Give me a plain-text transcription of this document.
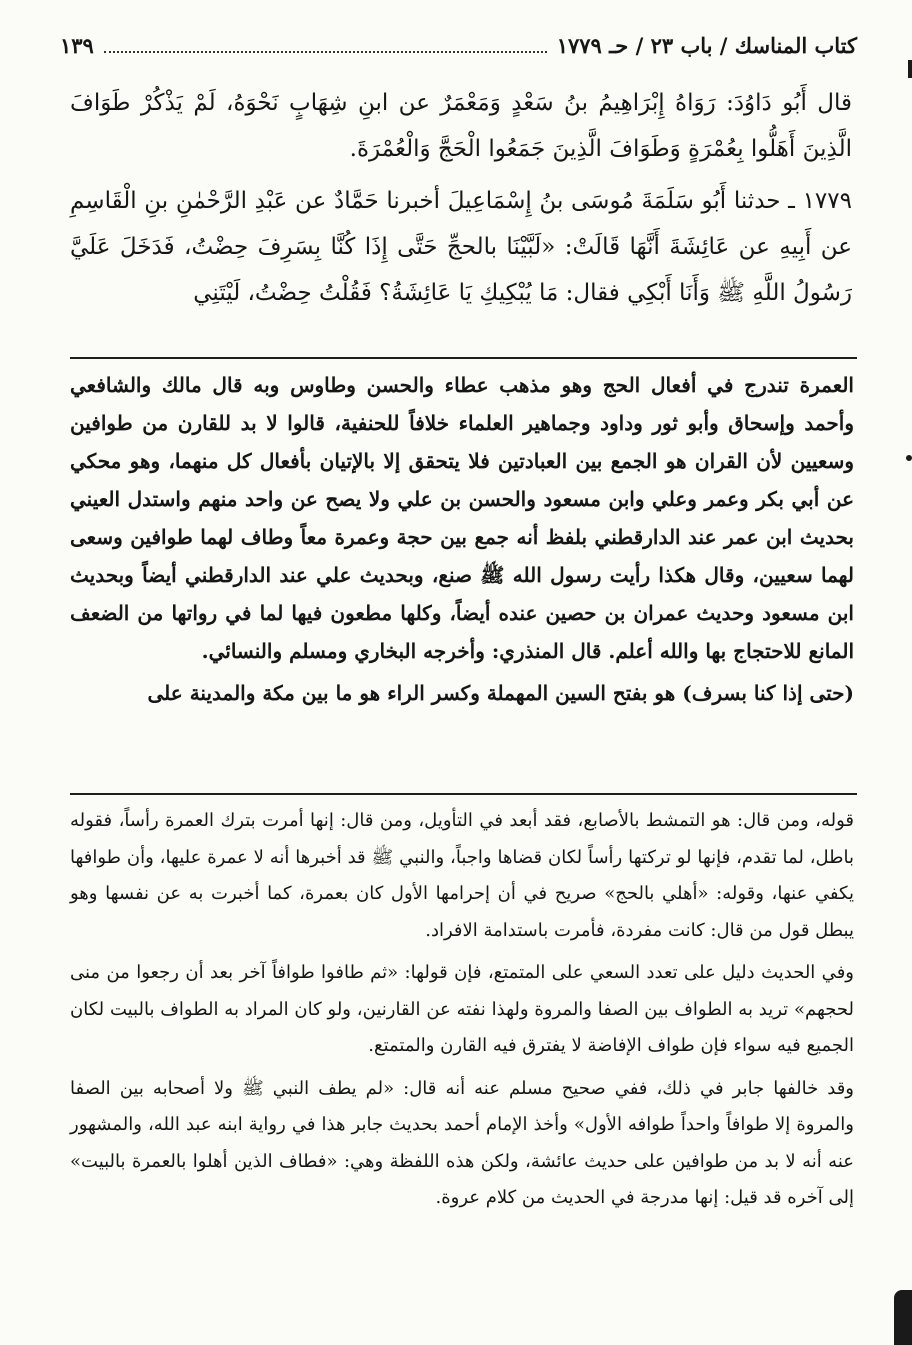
كتاب المناسك / باب ٢٣ / حـ ١٧٧٩
١٣٩

قال أَبُو دَاوُدَ: رَوَاهُ إِبْرَاهِيمُ بنُ سَعْدٍ وَمَعْمَرٌ عن ابنِ شِهَابٍ نَحْوَهُ، لَمْ يَذْكُرْ طَوَافَ الَّذِينَ أَهَلُّوا بِعُمْرَةٍ وَطَوَافَ الَّذِينَ جَمَعُوا الْحَجَّ وَالْعُمْرَةَ.

١٧٧٩ ـ حدثنا أَبُو سَلَمَةَ مُوسَى بنُ إِسْمَاعِيلَ أخبرنا حَمَّادٌ عن عَبْدِ الرَّحْمٰنِ بنِ الْقَاسِمِ عن أَبِيهِ عن عَائِشَةَ أَنَّهَا قَالَتْ: «لَبَّيْنَا بالحجِّ حَتَّى إِذَا كُنَّا بِسَرِفَ حِضْتُ، فَدَخَلَ عَلَيَّ رَسُولُ اللَّهِ ﷺ وَأَنَا أَبْكِي فقال: مَا يُبْكِيكِ يَا عَائِشَةُ؟ فَقُلْتُ حِضْتُ، لَيْتَنِي

العمرة تندرج في أفعال الحج وهو مذهب عطاء والحسن وطاوس وبه قال مالك والشافعي وأحمد وإسحاق وأبو ثور وداود وجماهير العلماء خلافاً للحنفية، قالوا لا بد للقارن من طوافين وسعيين لأن القران هو الجمع بين العبادتين فلا يتحقق إلا بالإتيان بأفعال كل منهما، وهو محكي عن أبي بكر وعمر وعلي وابن مسعود والحسن بن علي ولا يصح عن واحد منهم واستدل العيني بحديث ابن عمر عند الدارقطني بلفظ أنه جمع بين حجة وعمرة معاً وطاف لهما طوافين وسعى لهما سعيين، وقال هكذا رأيت رسول الله ﷺ صنع، وبحديث علي عند الدارقطني أيضاً وبحديث ابن مسعود وحديث عمران بن حصين عنده أيضاً، وكلها مطعون فيها لما في رواتها من الضعف المانع للاحتجاج بها والله أعلم. قال المنذري: وأخرجه البخاري ومسلم والنسائي.

(حتى إذا كنا بسرف) هو بفتح السين المهملة وكسر الراء هو ما بين مكة والمدينة على

قوله، ومن قال: هو التمشط بالأصابع، فقد أبعد في التأويل، ومن قال: إنها أمرت بترك العمرة رأساً، فقوله باطل، لما تقدم، فإنها لو تركتها رأساً لكان قضاها واجباً، والنبي ﷺ قد أخبرها أنه لا عمرة عليها، وأن طوافها يكفي عنها، وقوله: «أهلي بالحج» صريح في أن إحرامها الأول كان بعمرة، كما أخبرت به عن نفسها وهو يبطل قول من قال: كانت مفردة، فأمرت باستدامة الافراد.

وفي الحديث دليل على تعدد السعي على المتمتع، فإن قولها: «ثم طافوا طوافاً آخر بعد أن رجعوا من منى لحجهم» تريد به الطواف بين الصفا والمروة ولهذا نفته عن القارنين، ولو كان المراد به الطواف بالبيت لكان الجميع فيه سواء فإن طواف الإفاضة لا يفترق فيه القارن والمتمتع.

وقد خالفها جابر في ذلك، ففي صحيح مسلم عنه أنه قال: «لم يطف النبي ﷺ ولا أصحابه بين الصفا والمروة إلا طوافاً واحداً طوافه الأول» وأخذ الإمام أحمد بحديث جابر هذا في رواية ابنه عبد الله، والمشهور عنه أنه لا بد من طوافين على حديث عائشة، ولكن هذه اللفظة وهي: «فطاف الذين أهلوا بالعمرة بالبيت» إلى آخره قد قيل: إنها مدرجة في الحديث من كلام عروة.
